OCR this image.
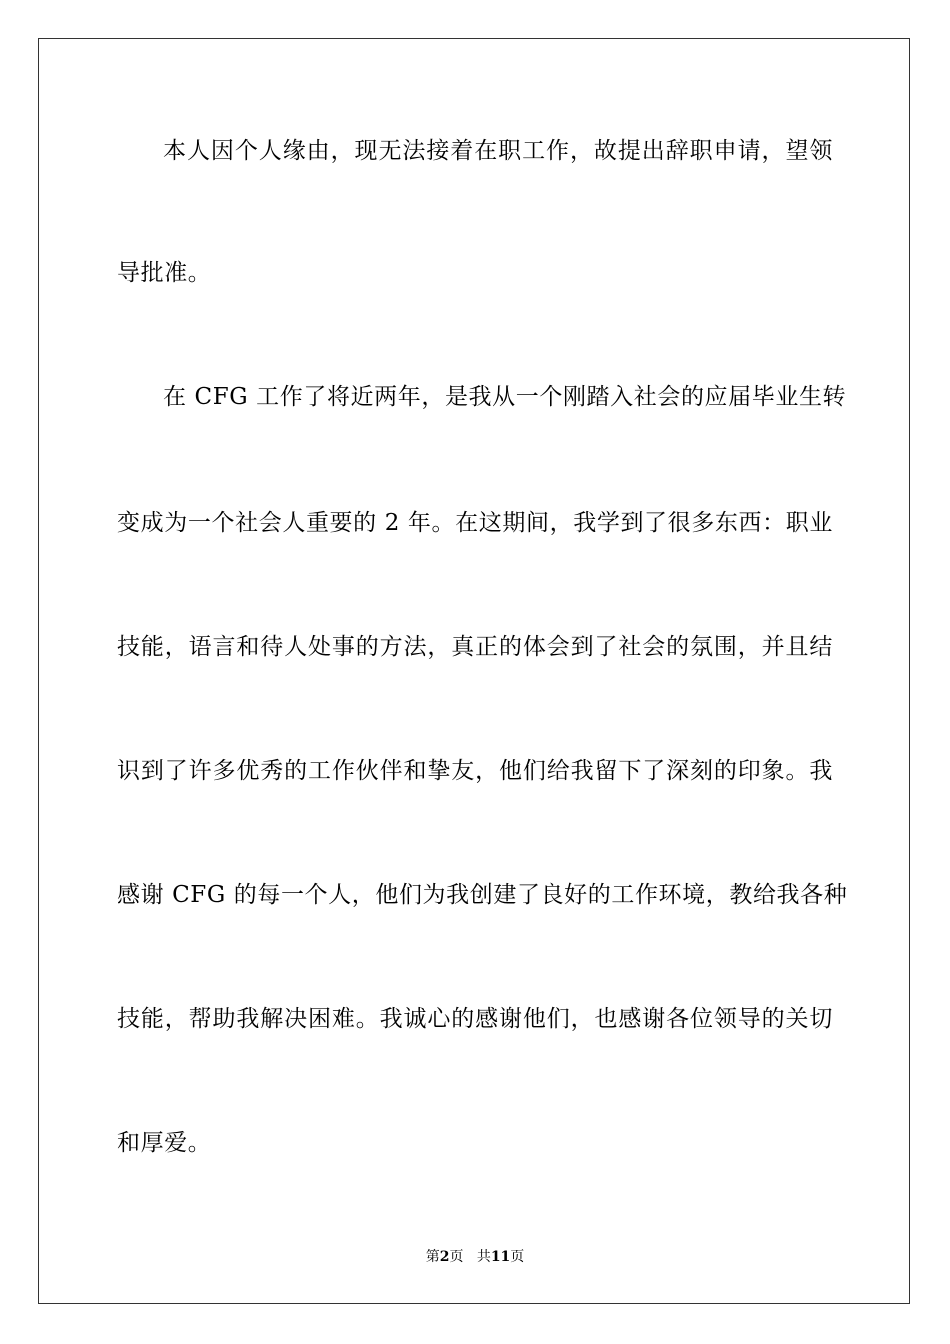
本人因个人缘由，现无法接着在职工作，故提出辞职申请，望领
导批准。
在 CFG 工作了将近两年，是我从一个刚踏入社会的应届毕业生转
变成为一个社会人重要的 2 年。在这期间，我学到了很多东西：职业
技能，语言和待人处事的方法，真正的体会到了社会的氛围，并且结
识到了许多优秀的工作伙伴和挚友，他们给我留下了深刻的印象。我
感谢 CFG 的每一个人，他们为我创建了良好的工作环境，教给我各种
技能，帮助我解决困难。我诚心的感谢他们，也感谢各位领导的关切
和厚爱。
第2页 共11页
